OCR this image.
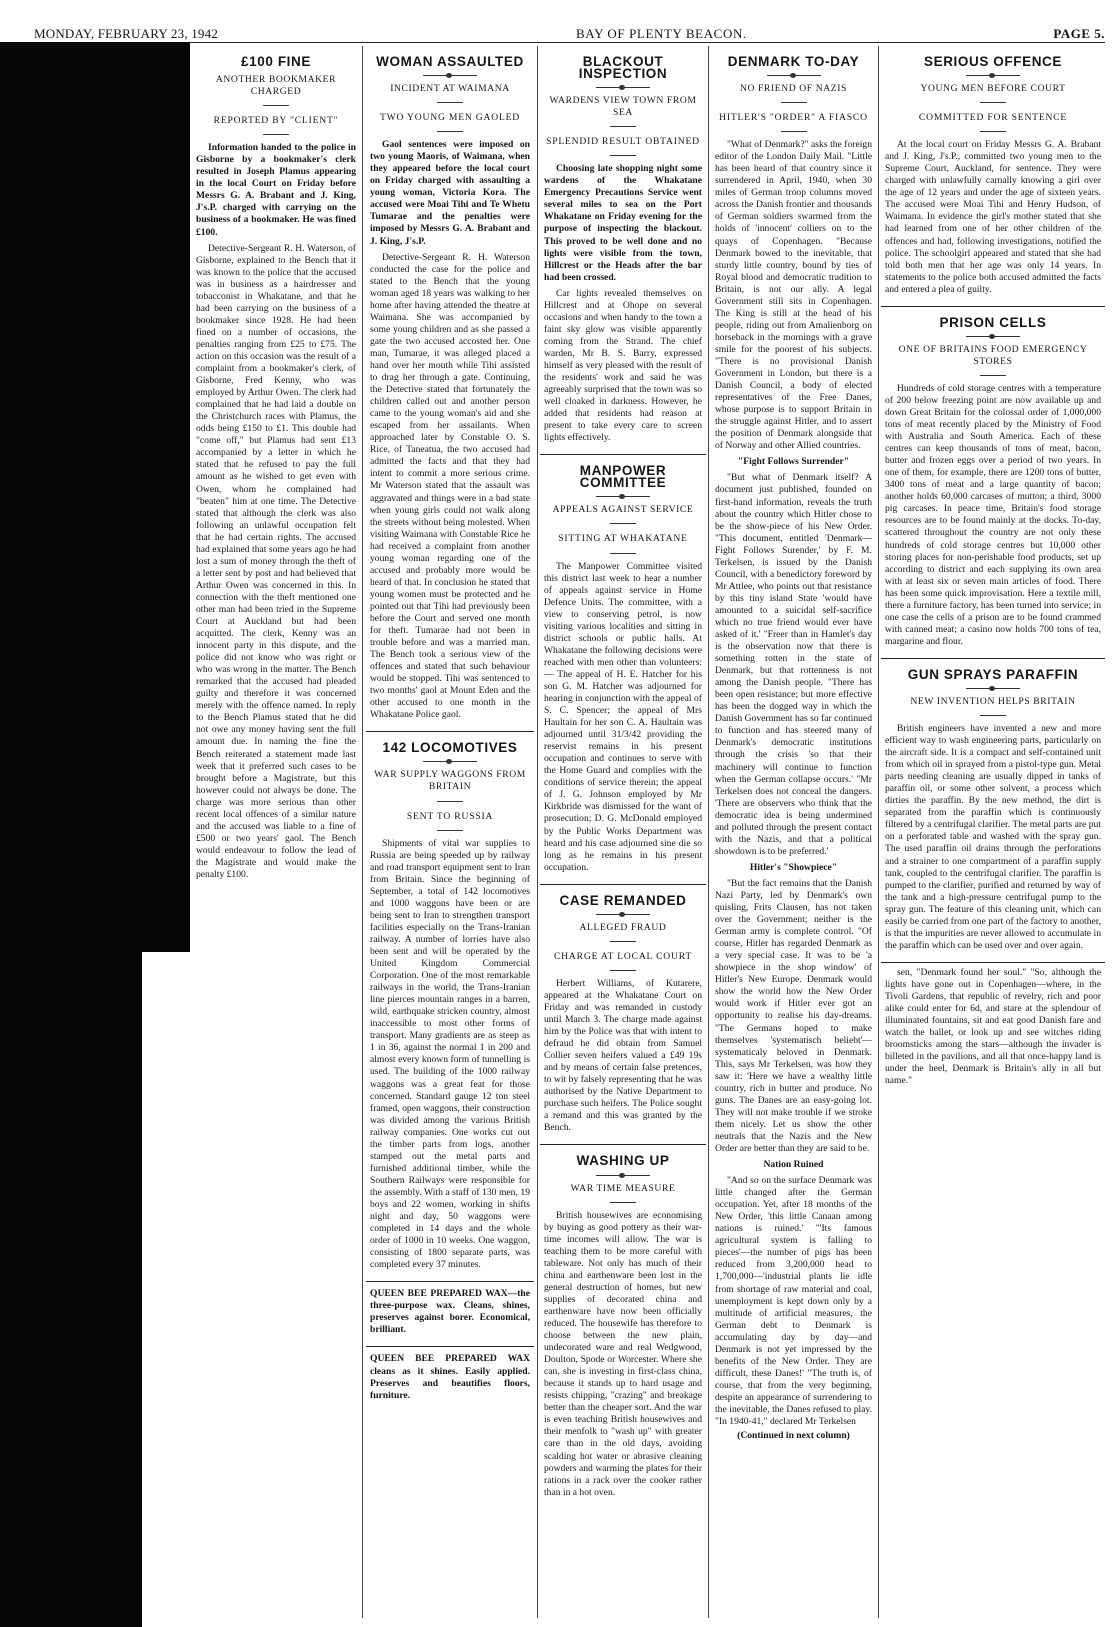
MONDAY, FEBRUARY 23, 1942	BAY OF PLENTY BEACON.	PAGE 5.
£100 FINE
ANOTHER BOOKMAKER CHARGED
REPORTED BY "CLIENT"

Information handed to the police in Gisborne by a bookmaker's clerk resulted in Joseph Plamus appearing in the local Court on Friday before Messrs G. A. Brabant and J. King, J's.P. charged with carrying on the business of a bookmaker. He was fined £100.

Detective-Sergeant R. H. Waterson, of Gisborne, explained to the Bench that it was known to the police that the accused was in business as a hairdresser and tobacconist in Whakatane, and that he had been carrying on the business of a bookmaker since 1928. He had been fined on a number of occasions, the penalties ranging from £25 to £75. The action on this occasion was the result of a complaint from a bookmaker's clerk, of Gisborne, Fred Kenny, who was employed by Arthur Owen. The clerk had complained that he had laid a double on the Christchurch races with Plamus, the odds being £150 to £1. This double had "come off," but Plamus had sent £13 accompanied by a letter in which he stated that he refused to pay the full amount as he wished to get even with Owen, whom he complained had "beaten" him at one time. The Detective stated that although the clerk was also following an unlawful occupation felt that he had certain rights. The accused had explained that some years ago he had lost a sum of money through the theft of a letter sent by post and had believed that Arthur Owen was concerned in this. In connection with the theft mentioned one other man had been tried in the Supreme Court at Auckland but had been acquitted. The clerk, Kenny was an innocent party in this dispute, and the police did not know who was right or who was wrong in the matter. The Bench remarked that the accused had pleaded guilty and therefore it was concerned merely with the offence named. In reply to the Bench Plamus stated that he did not owe any money having sent the full amount due. In naming the fine the Bench reiterated a statement made last week that it preferred such cases to be brought before a Magistrate, but this however could not always be done. The charge was more serious than other recent local offences of a similar nature and the accused was liable to a fine of £500 or two years' gaol. The Bench would endeavour to follow the lead of the Magistrate and would make the penalty £100.

WOMAN ASSAULTED
INCIDENT AT WAIMANA
TWO YOUNG MEN GAOLED

Gaol sentences were imposed on two young Maoris, of Waimana, when they appeared before the local court on Friday charged with assaulting a young woman, Victoria Kora. The accused were Moai Tihi and Te Whetu Tumarae and the penalties were imposed by Messrs G. A. Brabant and J. King, J's.P.

Detective-Sergeant R. H. Waterson conducted the case for the police and stated to the Bench that the young woman aged 18 years was walking to her home after having attended the theatre at Waimana. She was accompanied by some young children and as she passed a gate the two accused accosted her. One man, Tumarae, it was alleged placed a hand over her mouth while Tihi assisted to drag her through a gate. Continuing, the Detective stated that fortunately the children called out and another person came to the young woman's aid and she escaped from her assailants. When approached later by Constable O. S. Rice, of Taneatua, the two accused had admitted the facts and that they had intent to commit a more serious crime. Mr Waterson stated that the assault was aggravated and things were in a bad state when young girls could not walk along the streets without being molested. When visiting Waimana with Constable Rice he had received a complaint from another young woman regarding one of the accused and probably more would be heard of that. In conclusion he stated that young women must be protected and he pointed out that Tihi had previously been before the Court and served one month for theft. Tumarae had not been in trouble before and was a married man. The Bench took a serious view of the offences and stated that such behaviour would be stopped. Tihi was sentenced to two months' gaol at Mount Eden and the other accused to one month in the Whakatane Police gaol.

142 LOCOMOTIVES
WAR SUPPLY WAGGONS FROM BRITAIN
SENT TO RUSSIA

Shipments of vital war supplies to Russia are being speeded up by railway and road transport equipment sent to Iran from Britain. Since the beginning of September, a total of 142 locomotives and 1000 waggons have been or are being sent to Iran to strengthen transport facilities especially on the Trans-Iranian railway. A number of lorries have also been sent and will be operated by the United Kingdom Commercial Corporation. One of the most remarkable railways in the world, the Trans-Iranian line pierces mountain ranges in a barren, wild, earthquake stricken country, almost inaccessible to most other forms of transport. Many gradients are as steep as 1 in 36, against the normal 1 in 200 and almost every known form of tunnelling is used. The building of the 1000 railway waggons was a great feat for those concerned. Standard gauge 12 ton steel framed, open waggons, their construction was divided among the various British railway companies. One works cut out the timber parts from logs, another stamped out the metal parts and furnished additional timber, while the Southern Railways were responsible for the assembly. With a staff of 130 men, 19 boys and 22 women, working in shifts night and day, 50 waggons were completed in 14 days and the whole order of 1000 in 10 weeks. One waggon, consisting of 1800 separate parts, was completed every 37 minutes.

QUEEN BEE PREPARED WAX—the three-purpose wax. Cleans, shines, preserves against borer. Economical, brilliant.

QUEEN BEE PREPARED WAX cleans as it shines. Easily applied. Preserves and beautifies floors, furniture.

BLACKOUT INSPECTION
WARDENS VIEW TOWN FROM SEA
SPLENDID RESULT OBTAINED

Choosing late shopping night some wardens of the Whakatane Emergency Precautions Service went several miles to sea on the Port Whakatane on Friday evening for the purpose of inspecting the blackout. This proved to be well done and no lights were visible from the town, Hillcrest or the Heads after the bar had been crossed.

Car lights revealed themselves on Hillcrest and at Ohope on several occasions and when handy to the town a faint sky glow was visible apparently coming from the Strand. The chief warden, Mr B. S. Barry, expressed himself as very pleased with the result of the residents' work and said he was agreeably surprised that the town was so well cloaked in darkness. However, he added that residents had reason at present to take every care to screen lights effectively.

MANPOWER COMMITTEE
APPEALS AGAINST SERVICE
SITTING AT WHAKATANE

The Manpower Committee visited this district last week to hear a number of appeals against service in Home Defence Units. The committee, with a view to conserving petrol, is now visiting various localities and sitting in district schools or public halls. At Whakatane the following decisions were reached with men other than volunteers:— The appeal of H. E. Hatcher for his son G. M. Hatcher was adjourned for hearing in conjunction with the appeal of S. C. Spencer; the appeal of Mrs Haultain for her son C. A. Haultain was adjourned until 31/3/42 providing the reservist remains in his present occupation and continues to serve with the Home Guard and complies with the conditions of service therein; the appeal of J. G. Johnson employed by Mr Kirkbride was dismissed for the want of prosecution; D. G. McDonald employed by the Public Works Department was heard and his case adjourned sine die so long as he remains in his present occupation.

CASE REMANDED
ALLEGED FRAUD
CHARGE AT LOCAL COURT

Herbert Williams, of Kutarere, appeared at the Whakatane Court on Friday and was remanded in custody until March 3. The charge made against him by the Police was that with intent to defraud he did obtain from Samuel Collier seven heifers valued a £49 19s and by means of certain false pretences, to wit by falsely representing that he was authorised by the Native Department to purchase such heifers. The Police sought a remand and this was granted by the Bench.

WASHING UP
WAR TIME MEASURE

British housewives are economising by buying as good pottery as their war-time incomes will allow. The war is teaching them to be more careful with tableware. Not only has much of their china and earthenware been lost in the general destruction of homes, but new supplies of decorated china and earthenware have now been officially reduced. The housewife has therefore to choose between the new plain, undecorated ware and real Wedgwood, Doulton, Spode or Worcester. Where she can, she is investing in first-class china, because it stands up to hard usage and resists chipping, "crazing" and breakage better than the cheaper sort. And the war is even teaching British housewives and their menfolk to "wash up" with greater care than in the old days, avoiding scalding hot water or abrasive cleaning powders and warming the plates for their rations in a rack over the cooker rather than in a hot oven.

DENMARK TO-DAY
NO FRIEND OF NAZIS
HITLER'S "ORDER" A FIASCO

"What of Denmark?" asks the foreign editor of the London Daily Mail. "Little has been heard of that country since it surrendered in April, 1940, when 30 miles of German troop columns moved across the Danish frontier and thousands of German soldiers swarmed from the holds of 'innocent' colliers on to the quays of Copenhagen. "Because Denmark bowed to the inevitable, that sturdy little country, bound by ties of Royal blood and democratic tradition to Britain, is not our ally. A legal Government still sits in Copenhagen. The King is still at the head of his people, riding out from Amalienborg on horseback in the mornings with a grave smile for the poorest of his subjects. "There is no provisional Danish Government in London, but there is a Danish Council, a body of elected representatives of the Free Danes, whose purpose is to support Britain in the struggle against Hitler, and to assert the position of Denmark alongside that of Norway and other Allied countries.

"Fight Follows Surrender"

"But what of Denmark itself? A document just published, founded on first-hand information, reveals the truth about the country which Hitler chose to be the show-piece of his New Order. "This document, entitled 'Denmark—Fight Follows Surender,' by F. M. Terkelsen, is issued by the Danish Council, with a benedictory foreword by Mr Attlee, who points out that resistance by this tiny island State 'would have amounted to a suicidal self-sacrifice which no true friend would ever have asked of it.' "Freer than in Hamlet's day is the observation now that there is something rotten in the state of Denmark, but that rottenness is not among the Danish people. "There has been open resistance; but more effective has been the dogged way in which the Danish Government has so far continued to function and has steered many of Denmark's democratic institutions through the crisis 'so that their machinery will continue to function when the German collapse occurs.' "Mr Terkelsen does not conceal the dangers. 'There are observers who think that the democratic idea is being undermined and polluted through the present contact with the Nazis, and that a political showdown is to be preferred.'

Hitler's "Showpiece"

"But the fact remains that the Danish Nazi Party, led by Denmark's own quisling, Frits Clausen, has not taken over the Government; neither is the German army is complete control. "Of course, Hitler has regarded Denmark as a very special case. It was to be 'a showpiece in the shop window' of Hitler's New Europe. Denmark would show the world how the New Order would work if Hitler ever got an opportunity to realise his day-dreams. "The Germans hoped to make themselves 'systematisch beliebt'—systematicaly beloved in Denmark. This, says Mr Terkelsen, was how they saw it: 'Here we have a wealthy little country, rich in butter and produce. No guns. The Danes are an easy-going lot. They will not make trouble if we stroke them nicely. Let us show the other neutrals that the Nazis and the New Order are better than they are said to be.

Nation Ruined

"And so on the surface Denmark was little changed after the German occupation. Yet, after 18 months of the New Order, 'this little Canaan among nations is ruined.' "'Its famous agricultural system is falling to pieces'—the number of pigs has been reduced from 3,200,000 head to 1,700,000—'industrial plants lie idle from shortage of raw material and coal, unemployment is kept down only by a multitude of artificial measures, the German debt to Denmark is accumulating day by day—and Denmark is not yet impressed by the benefits of the New Order. They are difficult, these Danes!' "The truth is, of course, that from the very beginning, despite an appearance of surrendering to the inevitable, the Danes refused to play. "In 1940-41," declared Mr Terkelsen

(Continued in next column)
SERIOUS OFFENCE
YOUNG MEN BEFORE COURT
COMMITTED FOR SENTENCE

At the local court on Friday Messrs G. A. Brabant and J. King, J's.P., committed two young men to the Supreme Court, Auckland, for sentence. They were charged with unlawfully carnally knowing a girl over the age of 12 years and under the age of sixteen years. The accused were Moai Tihi and Henry Hudson, of Waimana. In evidence the girl's mother stated that she had learned from one of her other children of the offences and had, following investigations, notified the police. The schoolgirl appeared and stated that she had told both men that her age was only 14 years. In statements to the police both accused admitted the facts and entered a plea of guilty.

PRISON CELLS
ONE OF BRITAINS FOOD EMERGENCY STORES

Hundreds of cold storage centres with a temperature of 200 below freezing point are now available up and down Great Britain for the colossal order of 1,000,000 tons of meat recently placed by the Ministry of Food with Australia and South America. Each of these centres can keep thousands of tons of meat, bacon, butter and frozen eggs over a period of two years. In one of them, for example, there are 1200 tons of butter, 3400 tons of meat and a large quantity of bacon; another holds 60,000 carcases of mutton; a third, 3000 pig carcases. In peace time, Britain's food storage resources are to be found mainly at the docks. To-day, scattered throughout the country are not only these hundreds of cold storage centres but 10,000 other storing places for non-perishable food products, set up according to district and each supplying its own area with at least six or seven main articles of food. There has been some quick improvisation. Here a textile mill, there a furniture factory, has been turned into service; in one case the cells of a prison are to be found crammed with canned meat; a casino now holds 700 tons of tea, margarine and flour.

GUN SPRAYS PARAFFIN
NEW INVENTION HELPS BRITAIN

British engineers have invented a new and more efficient way to wash engineering parts, particularly on the aircraft side. It is a compact and self-contained unit from which oil in sprayed from a pistol-type gun. Metal parts needing cleaning are usually dipped in tanks of paraffin oil, or some other solvent, a process which dirties the paraffin. By the new method, the dirt is separated from the paraffin which is continuously filtered by a centrifugal clarifier. The metal parts are put on a perforated table and washed with the spray gun. The used paraffin oil drains through the perforations and a strainer to one compartment of a paraffin supply tank, coupled to the centrifugal clarifier. The paraffin is pumped to the clarifier, purified and returned by way of the tank and a high-pressure centrifugal pump to the spray gun. The feature of this cleaning unit, which can easily be carried from one part of the factory to another, is that the impurities are never allowed to accumulate in the paraffin which can be used over and over again.

sen, "Denmark found her soul." "So, although the lights have gone out in Copenhagen—where, in the Tivoli Gardens, that republic of revelry, rich and poor alike could enter for 6d, and stare at the splendour of illuminated fountains, sit and eat good Danish fare and watch the ballet, or look up and see witches riding broomsticks among the stars—although the invader is billeted in the pavilions, and all that once-happy land is under the heel, Denmark is Britain's ally in all but name."
